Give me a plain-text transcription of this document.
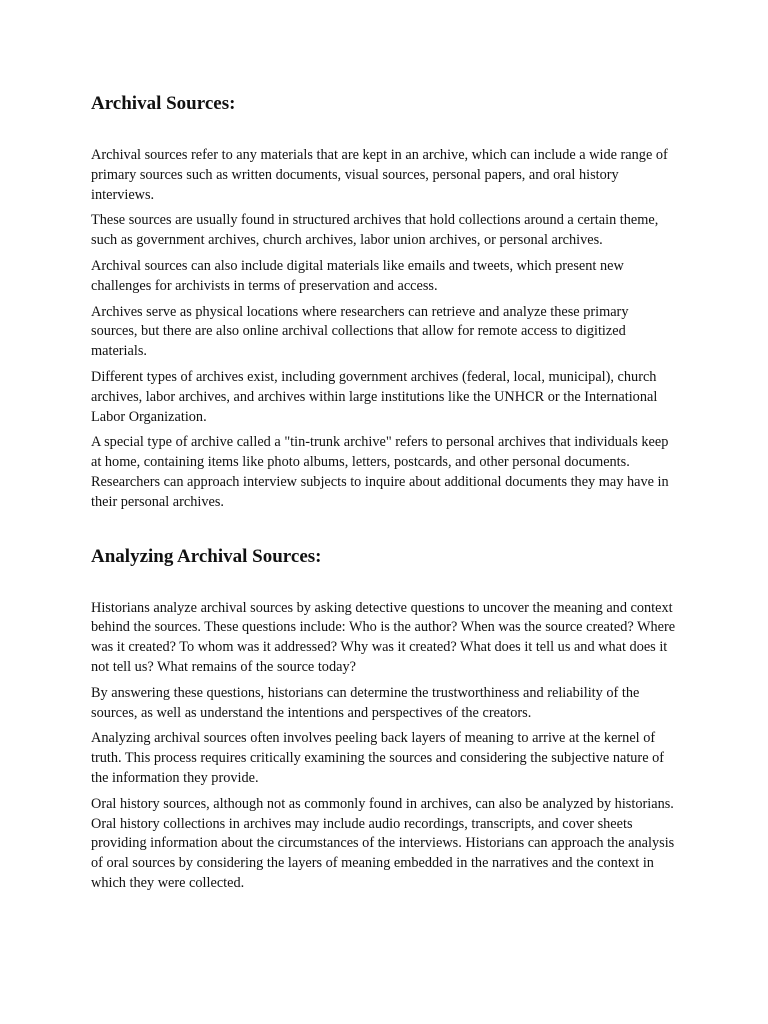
Archival Sources:

Archival sources refer to any materials that are kept in an archive, which can include a wide range of primary sources such as written documents, visual sources, personal papers, and oral history interviews.

These sources are usually found in structured archives that hold collections around a certain theme, such as government archives, church archives, labor union archives, or personal archives.

Archival sources can also include digital materials like emails and tweets, which present new challenges for archivists in terms of preservation and access.

Archives serve as physical locations where researchers can retrieve and analyze these primary sources, but there are also online archival collections that allow for remote access to digitized materials.

Different types of archives exist, including government archives (federal, local, municipal), church archives, labor archives, and archives within large institutions like the UNHCR or the International Labor Organization.

A special type of archive called a "tin-trunk archive" refers to personal archives that individuals keep at home, containing items like photo albums, letters, postcards, and other personal documents. Researchers can approach interview subjects to inquire about additional documents they may have in their personal archives.

Analyzing Archival Sources:

Historians analyze archival sources by asking detective questions to uncover the meaning and context behind the sources. These questions include: Who is the author? When was the source created? Where was it created? To whom was it addressed? Why was it created? What does it tell us and what does it not tell us? What remains of the source today?

By answering these questions, historians can determine the trustworthiness and reliability of the sources, as well as understand the intentions and perspectives of the creators.

Analyzing archival sources often involves peeling back layers of meaning to arrive at the kernel of truth. This process requires critically examining the sources and considering the subjective nature of the information they provide.

Oral history sources, although not as commonly found in archives, can also be analyzed by historians. Oral history collections in archives may include audio recordings, transcripts, and cover sheets providing information about the circumstances of the interviews. Historians can approach the analysis of oral sources by considering the layers of meaning embedded in the narratives and the context in which they were collected.
